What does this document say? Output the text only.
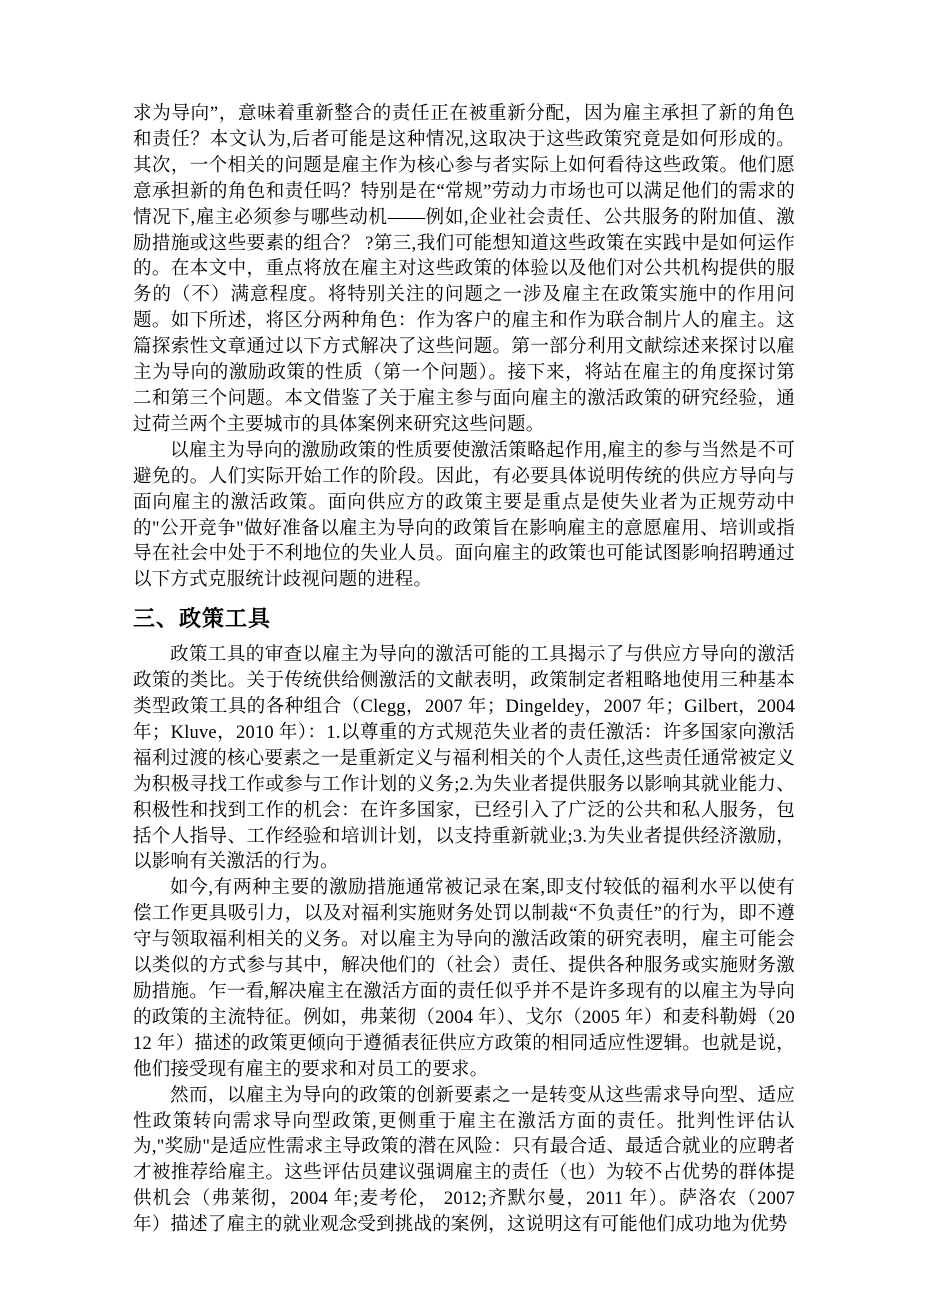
求为导向”，意味着重新整合的责任正在被重新分配，因为雇主承担了新的角色和责任？本文认为,后者可能是这种情况,这取决于这些政策究竟是如何形成的。其次，一个相关的问题是雇主作为核心参与者实际上如何看待这些政策。他们愿意承担新的角色和责任吗？特别是在“常规”劳动力市场也可以满足他们的需求的情况下,雇主必须参与哪些动机——例如,企业社会责任、公共服务的附加值、激励措施或这些要素的组合？ ?第三,我们可能想知道这些政策在实践中是如何运作的。在本文中，重点将放在雇主对这些政策的体验以及他们对公共机构提供的服务的（不）满意程度。将特别关注的问题之一涉及雇主在政策实施中的作用问题。如下所述，将区分两种角色：作为客户的雇主和作为联合制片人的雇主。这篇探索性文章通过以下方式解决了这些问题。第一部分利用文献综述来探讨以雇主为导向的激励政策的性质（第一个问题）。接下来，将站在雇主的角度探讨第二和第三个问题。本文借鉴了关于雇主参与面向雇主的激活政策的研究经验，通过荷兰两个主要城市的具体案例来研究这些问题。

以雇主为导向的激励政策的性质要使激活策略起作用,雇主的参与当然是不可避免的。人们实际开始工作的阶段。因此，有必要具体说明传统的供应方导向与面向雇主的激活政策。面向供应方的政策主要是重点是使失业者为正规劳动中的"公开竞争"做好准备以雇主为导向的政策旨在影响雇主的意愿雇用、培训或指导在社会中处于不利地位的失业人员。面向雇主的政策也可能试图影响招聘通过以下方式克服统计歧视问题的进程。

三、政策工具

政策工具的审查以雇主为导向的激活可能的工具揭示了与供应方导向的激活政策的类比。关于传统供给侧激活的文献表明，政策制定者粗略地使用三种基本类型政策工具的各种组合（Clegg，2007 年；Dingeldey，2007 年；Gilbert，2004 年；Kluve，2010 年）：1.以尊重的方式规范失业者的责任激活：许多国家向激活福利过渡的核心要素之一是重新定义与福利相关的个人责任,这些责任通常被定义为积极寻找工作或参与工作计划的义务;2.为失业者提供服务以影响其就业能力、积极性和找到工作的机会：在许多国家，已经引入了广泛的公共和私人服务，包括个人指导、工作经验和培训计划，以支持重新就业;3.为失业者提供经济激励，以影响有关激活的行为。

如今,有两种主要的激励措施通常被记录在案,即支付较低的福利水平以使有偿工作更具吸引力，以及对福利实施财务处罚以制裁“不负责任”的行为，即不遵守与领取福利相关的义务。对以雇主为导向的激活政策的研究表明，雇主可能会以类似的方式参与其中，解决他们的（社会）责任、提供各种服务或实施财务激励措施。乍一看,解决雇主在激活方面的责任似乎并不是许多现有的以雇主为导向的政策的主流特征。例如，弗莱彻（2004 年）、戈尔（2005 年）和麦科勒姆（2012 年）描述的政策更倾向于遵循表征供应方政策的相同适应性逻辑。也就是说，他们接受现有雇主的要求和对员工的要求。

然而，以雇主为导向的政策的创新要素之一是转变从这些需求导向型、适应性政策转向需求导向型政策,更侧重于雇主在激活方面的责任。批判性评估认为,"奖励"是适应性需求主导政策的潜在风险：只有最合适、最适合就业的应聘者才被推荐给雇主。这些评估员建议强调雇主的责任（也）为较不占优势的群体提供机会（弗莱彻，2004 年;麦考伦， 2012;齐默尔曼，2011 年）。萨洛农（2007 年）描述了雇主的就业观念受到挑战的案例，这说明这有可能他们成功地为优势
